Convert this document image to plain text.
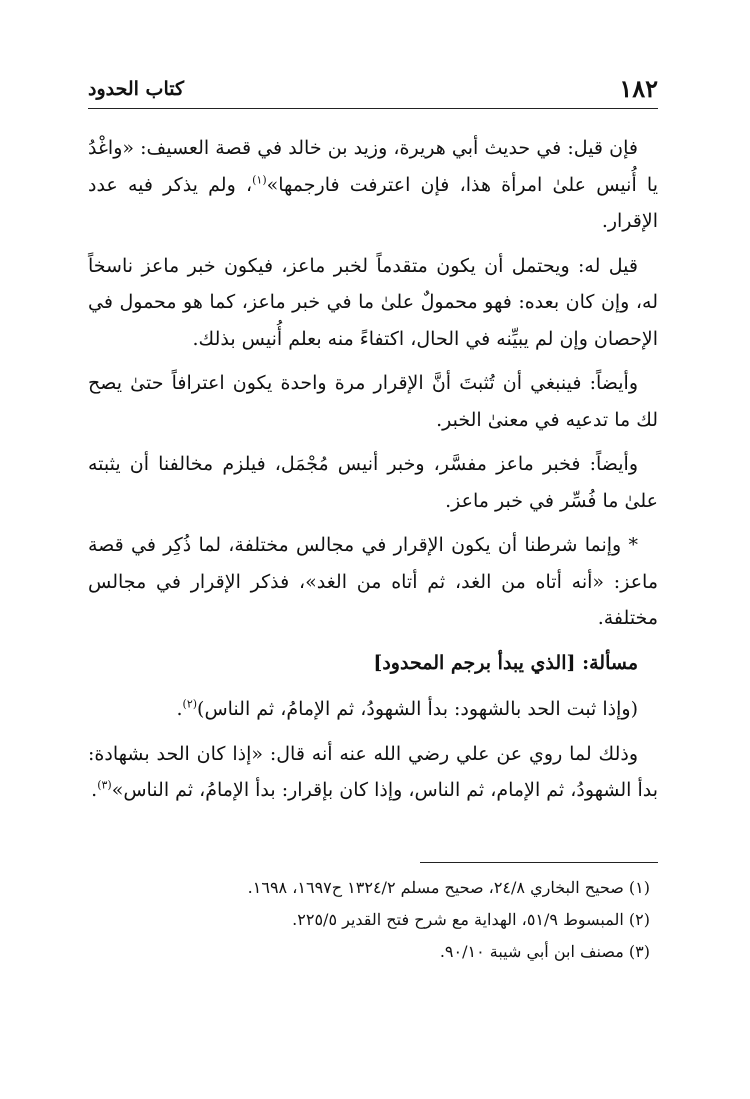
١٨٢
كتاب الحدود

فإن قيل: في حديث أبي هريرة، وزيد بن خالد في قصة العسيف: «واغْدُ يا أُنيس علىٰ امرأة هذا، فإن اعترفت فارجمها»$^{(١)}$، ولم يذكر فيه عدد الإقرار.

قيل له: ويحتمل أن يكون متقدماً لخبر ماعز، فيكون خبر ماعز ناسخاً له، وإن كان بعده: فهو محمولٌ علىٰ ما في خبر ماعز، كما هو محمول في الإحصان وإن لم يبيِّنه في الحال، اكتفاءً منه بعلم أُنيس بذلك.

وأيضاً: فينبغي أن تُثبتَ أنَّ الإقرار مرة واحدة يكون اعترافاً حتىٰ يصح لك ما تدعيه في معنىٰ الخبر.

وأيضاً: فخبر ماعز مفسَّر، وخبر أنيس مُجْمَل، فيلزم مخالفنا أن يثبته علىٰ ما فُسِّر في خبر ماعز.

* وإنما شرطنا أن يكون الإقرار في مجالس مختلفة، لما ذُكِر في قصة ماعز: «أنه أتاه من الغد، ثم أتاه من الغد»، فذكر الإقرار في مجالس مختلفة.

مسألة: [الذي يبدأ برجم المحدود]

(وإذا ثبت الحد بالشهود: بدأ الشهودُ، ثم الإمامُ، ثم الناس)$^{(٢)}$.

وذلك لما روي عن علي رضي الله عنه أنه قال: «إذا كان الحد بشهادة: بدأ الشهودُ، ثم الإمام، ثم الناس، وإذا كان بإقرار: بدأ الإمامُ، ثم الناس»$^{(٣)}$.

(١) صحيح البخاري ٢٤/٨، صحيح مسلم ١٣٢٤/٢ ح١٦٩٧، ١٦٩٨.

(٢) المبسوط ٥١/٩، الهداية مع شرح فتح القدير ٢٢٥/٥.

(٣) مصنف ابن أبي شيبة ٩٠/١٠.
